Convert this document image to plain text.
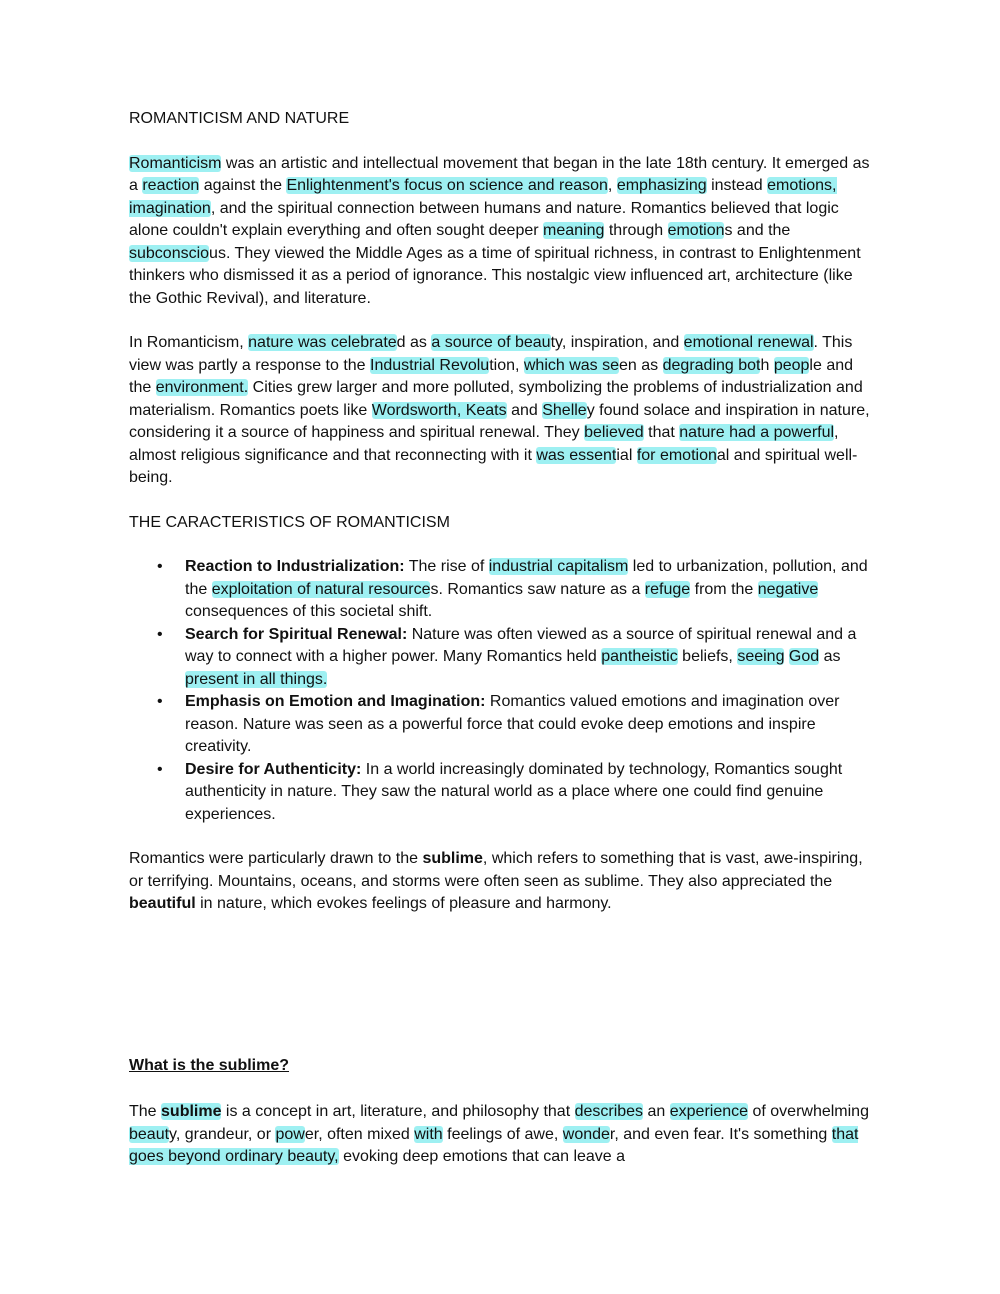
ROMANTICISM AND NATURE

Romanticism was an artistic and intellectual movement that began in the late 18th century. It emerged as a reaction against the Enlightenment's focus on science and reason, emphasizing instead emotions, imagination, and the spiritual connection between humans and nature. Romantics believed that logic alone couldn't explain everything and often sought deeper meaning through emotions and the subconscious. They viewed the Middle Ages as a time of spiritual richness, in contrast to Enlightenment thinkers who dismissed it as a period of ignorance. This nostalgic view influenced art, architecture (like the Gothic Revival), and literature.

In Romanticism, nature was celebrated as a source of beauty, inspiration, and emotional renewal. This view was partly a response to the Industrial Revolution, which was seen as degrading both people and the environment. Cities grew larger and more polluted, symbolizing the problems of industrialization and materialism. Romantics poets like Wordsworth, Keats and Shelley found solace and inspiration in nature, considering it a source of happiness and spiritual renewal. They believed that nature had a powerful, almost religious significance and that reconnecting with it was essential for emotional and spiritual well-being.

THE CARACTERISTICS OF ROMANTICISM

• Reaction to Industrialization: The rise of industrial capitalism led to urbanization, pollution, and the exploitation of natural resources. Romantics saw nature as a refuge from the negative consequences of this societal shift.
• Search for Spiritual Renewal: Nature was often viewed as a source of spiritual renewal and a way to connect with a higher power. Many Romantics held pantheistic beliefs, seeing God as present in all things.
• Emphasis on Emotion and Imagination: Romantics valued emotions and imagination over reason. Nature was seen as a powerful force that could evoke deep emotions and inspire creativity.
• Desire for Authenticity: In a world increasingly dominated by technology, Romantics sought authenticity in nature. They saw the natural world as a place where one could find genuine experiences.

Romantics were particularly drawn to the sublime, which refers to something that is vast, awe-inspiring, or terrifying. Mountains, oceans, and storms were often seen as sublime. They also appreciated the beautiful in nature, which evokes feelings of pleasure and harmony.

What is the sublime?

The sublime is a concept in art, literature, and philosophy that describes an experience of overwhelming beauty, grandeur, or power, often mixed with feelings of awe, wonder, and even fear. It's something that goes beyond ordinary beauty, evoking deep emotions that can leave a
